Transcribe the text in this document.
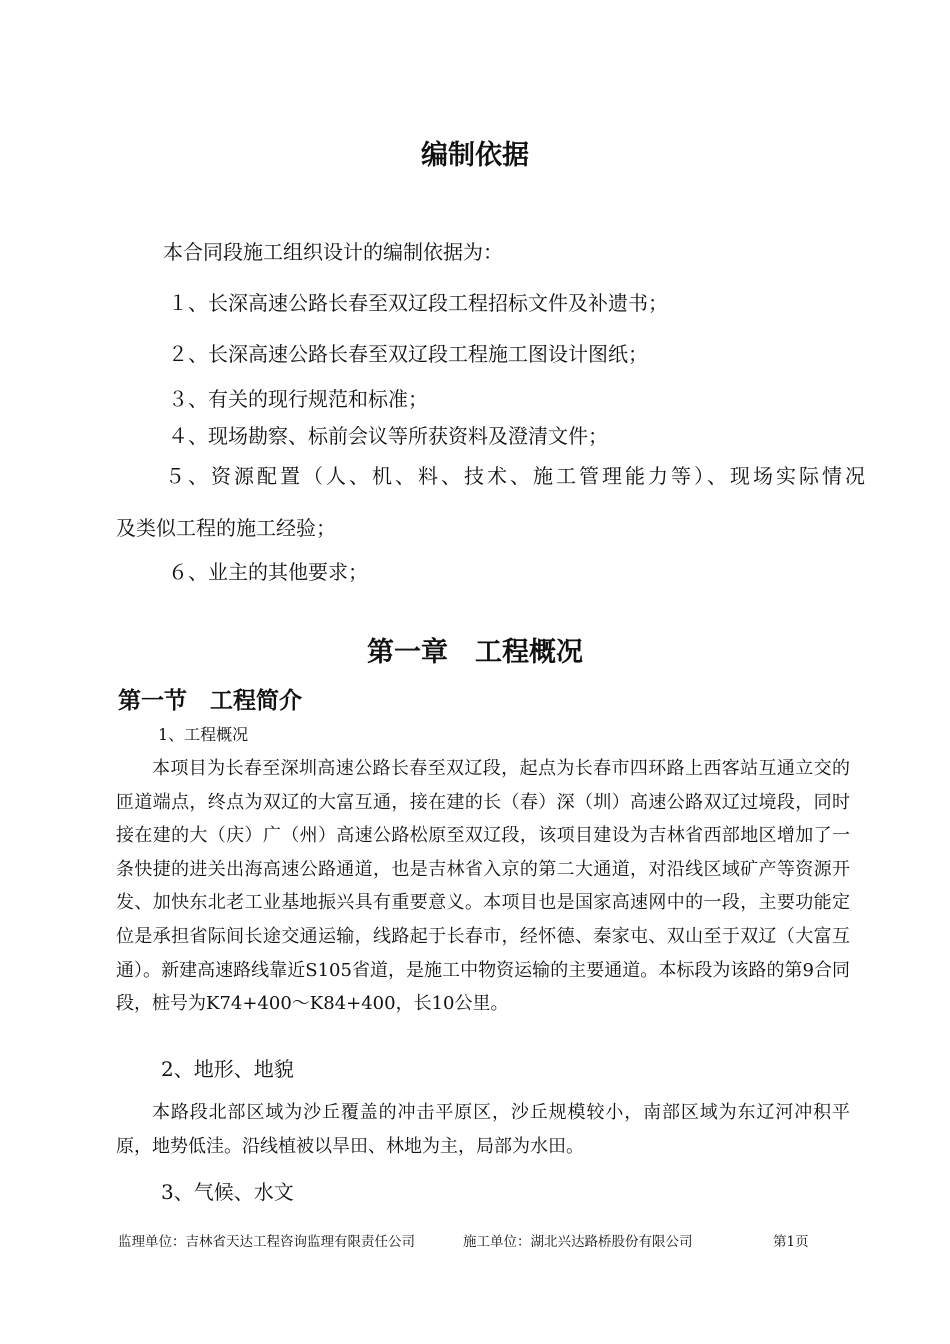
编制依据

本合同段施工组织设计的编制依据为：

１、长深高速公路长春至双辽段工程招标文件及补遗书；

２、长深高速公路长春至双辽段工程施工图设计图纸；

３、有关的现行规范和标准；

４、现场勘察、标前会议等所获资料及澄清文件；

５、资源配置（人、机、料、技术、施工管理能力等）、现场实际情况

及类似工程的施工经验；

６、业主的其他要求；

第一章　工程概况
第一节　工程简介

1、工程概况

本项目为长春至深圳高速公路长春至双辽段，起点为长春市四环路上西客站互通立交的匝道端点，终点为双辽的大富互通，接在建的长（春）深（圳）高速公路双辽过境段，同时接在建的大（庆）广（州）高速公路松原至双辽段，该项目建设为吉林省西部地区增加了一条快捷的进关出海高速公路通道，也是吉林省入京的第二大通道，对沿线区域矿产等资源开发、加快东北老工业基地振兴具有重要意义。本项目也是国家高速网中的一段，主要功能定位是承担省际间长途交通运输，线路起于长春市，经怀德、秦家屯、双山至于双辽（大富互通）。新建高速路线靠近S105省道，是施工中物资运输的主要通道。本标段为该路的第9合同段，桩号为K74+400～K84+400，长10公里。

2、地形、地貌

本路段北部区域为沙丘覆盖的冲击平原区，沙丘规模较小，南部区域为东辽河冲积平原，地势低洼。沿线植被以旱田、林地为主，局部为水田。

3、气候、水文

监理单位：吉林省天达工程咨询监理有限责任公司	施工单位：湖北兴达路桥股份有限公司	第1页
